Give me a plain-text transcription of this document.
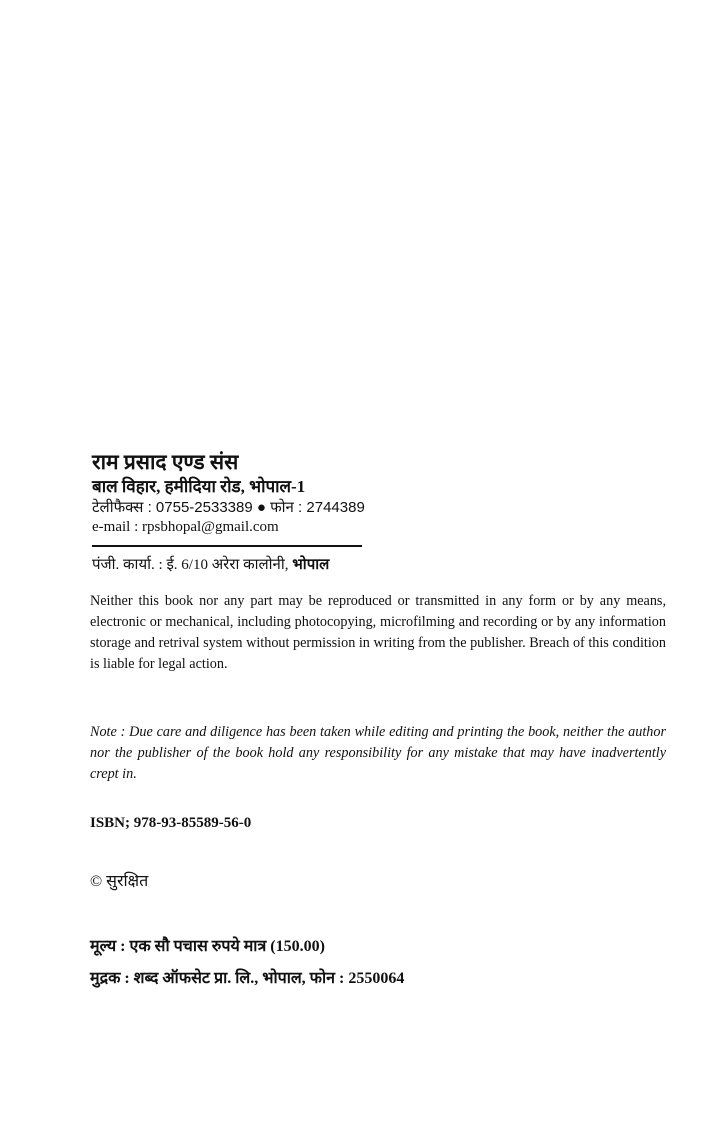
राम प्रसाद एण्ड संस
बाल विहार, हमीदिया रोड, भोपाल-1
टेलीफैक्स : 0755-2533389 ● फोन : 2744389
e-mail : rpsbhopal@gmail.com
पंजी. कार्या. : ई. 6/10 अरेरा कालोनी, भोपाल
Neither this book nor any part may be reproduced or transmitted in any form or by any means, electronic or mechanical, including photocopying, microfilming and recording or by any information storage and retrival system without permission in writing from the publisher. Breach of this condition is liable for legal action.
Note : Due care and diligence has been taken while editing and printing the book, neither the author nor the publisher of the book hold any responsibility for any mistake that may have inadvertently crept in.
ISBN; 978-93-85589-56-0
© सुरक्षित
मूल्य : एक सौ पचास रुपये मात्र (150.00)
मुद्रक : शब्द ऑफसेट प्रा. लि., भोपाल, फोन : 2550064
